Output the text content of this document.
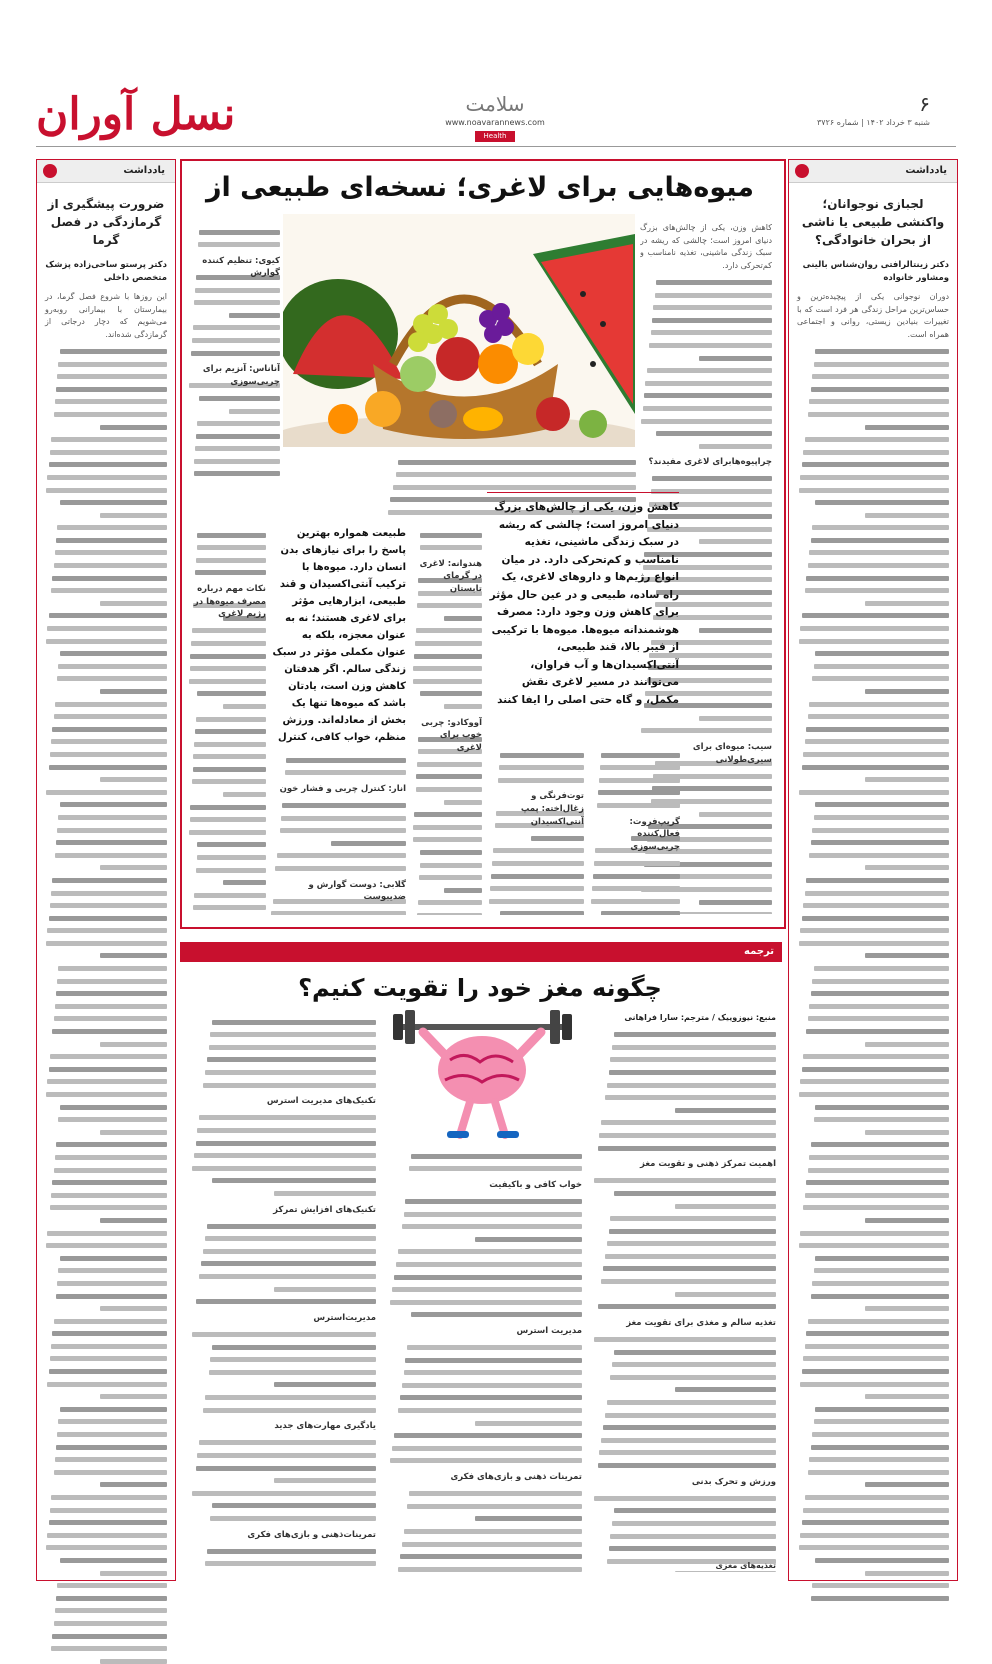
نسل آوران	سلامت	۶
شنبه ۳ خرداد ۱۴۰۲ | شماره ۳۷۲۶
www.noavarannews.com
Health
یادداشت
لجبازی نوجوانان؛ واکنشی طبیعی یا ناشی از بحران خانوادگی؟
دکتر زینتالرافتی روان‌شناس بالینی ومشاور خانواده
دوران نوجوانی یکی از پیچیده‌ترین و حساس‌ترین مراحل زندگی هر فرد است که با تغییرات بنیادین زیستی، روانی و اجتماعی همراه است.
یادداشت
ضرورت پیشگیری از گرمازدگی در فصل گرما
دکتر پرستو ساحی‌زاده پزشک متخصص داخلی
این روزها با شروع فصل گرما، در بیمارستان با بیمارانی روبه‌رو می‌شویم که دچار درجاتی از گرمازدگی شده‌اند.
میوه‌هایی برای لاغری؛ نسخه‌ای طبیعی از
کاهش وزن، یکی از چالش‌های بزرگ دنیای امروز است؛ چالشی که ریشه در سبک زندگی ماشینی، تغذیه نامناسب و کم‌تحرکی دارد.
چراپیوه‌هابرای لاغری مفیدند؟
سیب: میوه‌ای برای سیری‌طولانی
کیوی: تنظیم کننده گوارش
آناناس: آنزیم برای چربی‌سوزی
کاهش وزن، یکی از چالش‌های بزرگ دنیای امروز است؛ چالشی که ریشه در سبک زندگی ماشینی، تغذیه نامناسب و کم‌تحرکی دارد. در میان انواع رژیم‌ها و داروهای لاغری، یک راه ساده، طبیعی و در عین حال مؤثر برای کاهش وزن وجود دارد: مصرف هوشمندانه میوه‌ها. میوه‌ها با ترکیبی از فیبر بالا، قند طبیعی، آنتی‌اکسیدان‌ها و آب فراوان، می‌توانند در مسیر لاغری نقش مکمل، و گاه حتی اصلی را ایفا کنند
طبیعت همواره بهترین پاسخ را برای نیازهای بدن انسان دارد. میوه‌ها با ترکیب آنتی‌اکسیدان و قند طبیعی، ابزارهایی مؤثر برای لاغری هستند؛ نه به عنوان معجزه، بلکه به عنوان مکملی مؤثر در سبک زندگی سالم. اگر هدفتان کاهش وزن است، یادتان باشد که میوه‌ها تنها یک بخش از معادله‌اند. ورزش منظم، خواب کافی، کنترل
گریپ‌فروت: فعال‌کننده چربی‌سوزی
توت‌فرنگی و زغال‌اخته: پمپ آنتی‌اکسیدان
هندوانه: لاغری در گرمای تابستان
آووکادو: چربی خوب برای لاغری
نکات مهم درباره مصرف میوه‌ها در رژیم لاغری
انار: کنترل چربی و فشار خون
گلابی: دوست گوارش و ضدیبوست
ترجمه
چگونه مغز خود را تقویت کنیم؟
منبع: نیوزوییک / مترجم: سارا فراهانی
اهمیت تمرکز ذهنی و تقویت مغز
تغذیه سالم و مغذی برای تقویت مغز
ورزش و تحرک بدنی
خواب کافی و باکیفیت
مدیریت استرس
تمرینات ذهنی و بازی‌های فکری
تکنیک‌های مدیریت استرس
تکنیک‌های افزایش تمرکز
مدیریت‌استرس
یادگیری مهارت‌های جدید
تمرینات‌ذهنی و بازی‌های فکری
تغذیه‌های مغزی
